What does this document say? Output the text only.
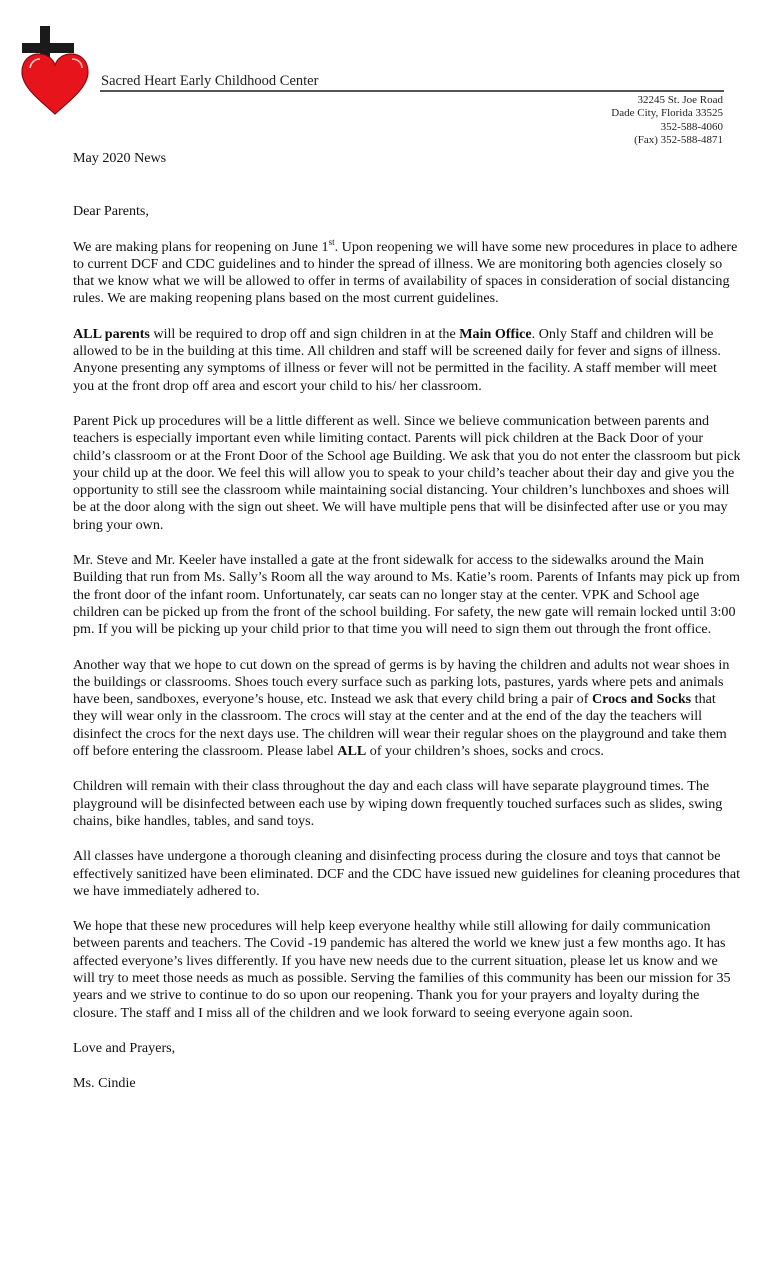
Sacred Heart Early Childhood Center
32245 St. Joe Road
Dade City, Florida 33525
352-588-4060
(Fax) 352-588-4871

May 2020 News

Dear Parents,

We are making plans for reopening on June 1st. Upon reopening we will have some new procedures in place to adhere to current DCF and CDC guidelines and to hinder the spread of illness. We are monitoring both agencies closely so that we know what we will be allowed to offer in terms of availability of spaces in consideration of social distancing rules. We are making reopening plans based on the most current guidelines.

ALL parents will be required to drop off and sign children in at the Main Office. Only Staff and children will be allowed to be in the building at this time. All children and staff will be screened daily for fever and signs of illness. Anyone presenting any symptoms of illness or fever will not be permitted in the facility. A staff member will meet you at the front drop off area and escort your child to his/ her classroom.

Parent Pick up procedures will be a little different as well. Since we believe communication between parents and teachers is especially important even while limiting contact. Parents will pick children at the Back Door of your child’s classroom or at the Front Door of the School age Building. We ask that you do not enter the classroom but pick your child up at the door. We feel this will allow you to speak to your child’s teacher about their day and give you the opportunity to still see the classroom while maintaining social distancing. Your children’s lunchboxes and shoes will be at the door along with the sign out sheet. We will have multiple pens that will be disinfected after use or you may bring your own.

Mr. Steve and Mr. Keeler have installed a gate at the front sidewalk for access to the sidewalks around the Main Building that run from Ms. Sally’s Room all the way around to Ms. Katie’s room. Parents of Infants may pick up from the front door of the infant room. Unfortunately, car seats can no longer stay at the center. VPK and School age children can be picked up from the front of the school building. For safety, the new gate will remain locked until 3:00 pm. If you will be picking up your child prior to that time you will need to sign them out through the front office.

Another way that we hope to cut down on the spread of germs is by having the children and adults not wear shoes in the buildings or classrooms. Shoes touch every surface such as parking lots, pastures, yards where pets and animals have been, sandboxes, everyone’s house, etc. Instead we ask that every child bring a pair of Crocs and Socks that they will wear only in the classroom. The crocs will stay at the center and at the end of the day the teachers will disinfect the crocs for the next days use. The children will wear their regular shoes on the playground and take them off before entering the classroom. Please label ALL of your children’s shoes, socks and crocs.

Children will remain with their class throughout the day and each class will have separate playground times. The playground will be disinfected between each use by wiping down frequently touched surfaces such as slides, swing chains, bike handles, tables, and sand toys.

All classes have undergone a thorough cleaning and disinfecting process during the closure and toys that cannot be effectively sanitized have been eliminated. DCF and the CDC have issued new guidelines for cleaning procedures that we have immediately adhered to.

We hope that these new procedures will help keep everyone healthy while still allowing for daily communication between parents and teachers. The Covid -19 pandemic has altered the world we knew just a few months ago. It has affected everyone’s lives differently. If you have new needs due to the current situation, please let us know and we will try to meet those needs as much as possible. Serving the families of this community has been our mission for 35 years and we strive to continue to do so upon our reopening. Thank you for your prayers and loyalty during the closure. The staff and I miss all of the children and we look forward to seeing everyone again soon.

Love and Prayers,

Ms. Cindie
